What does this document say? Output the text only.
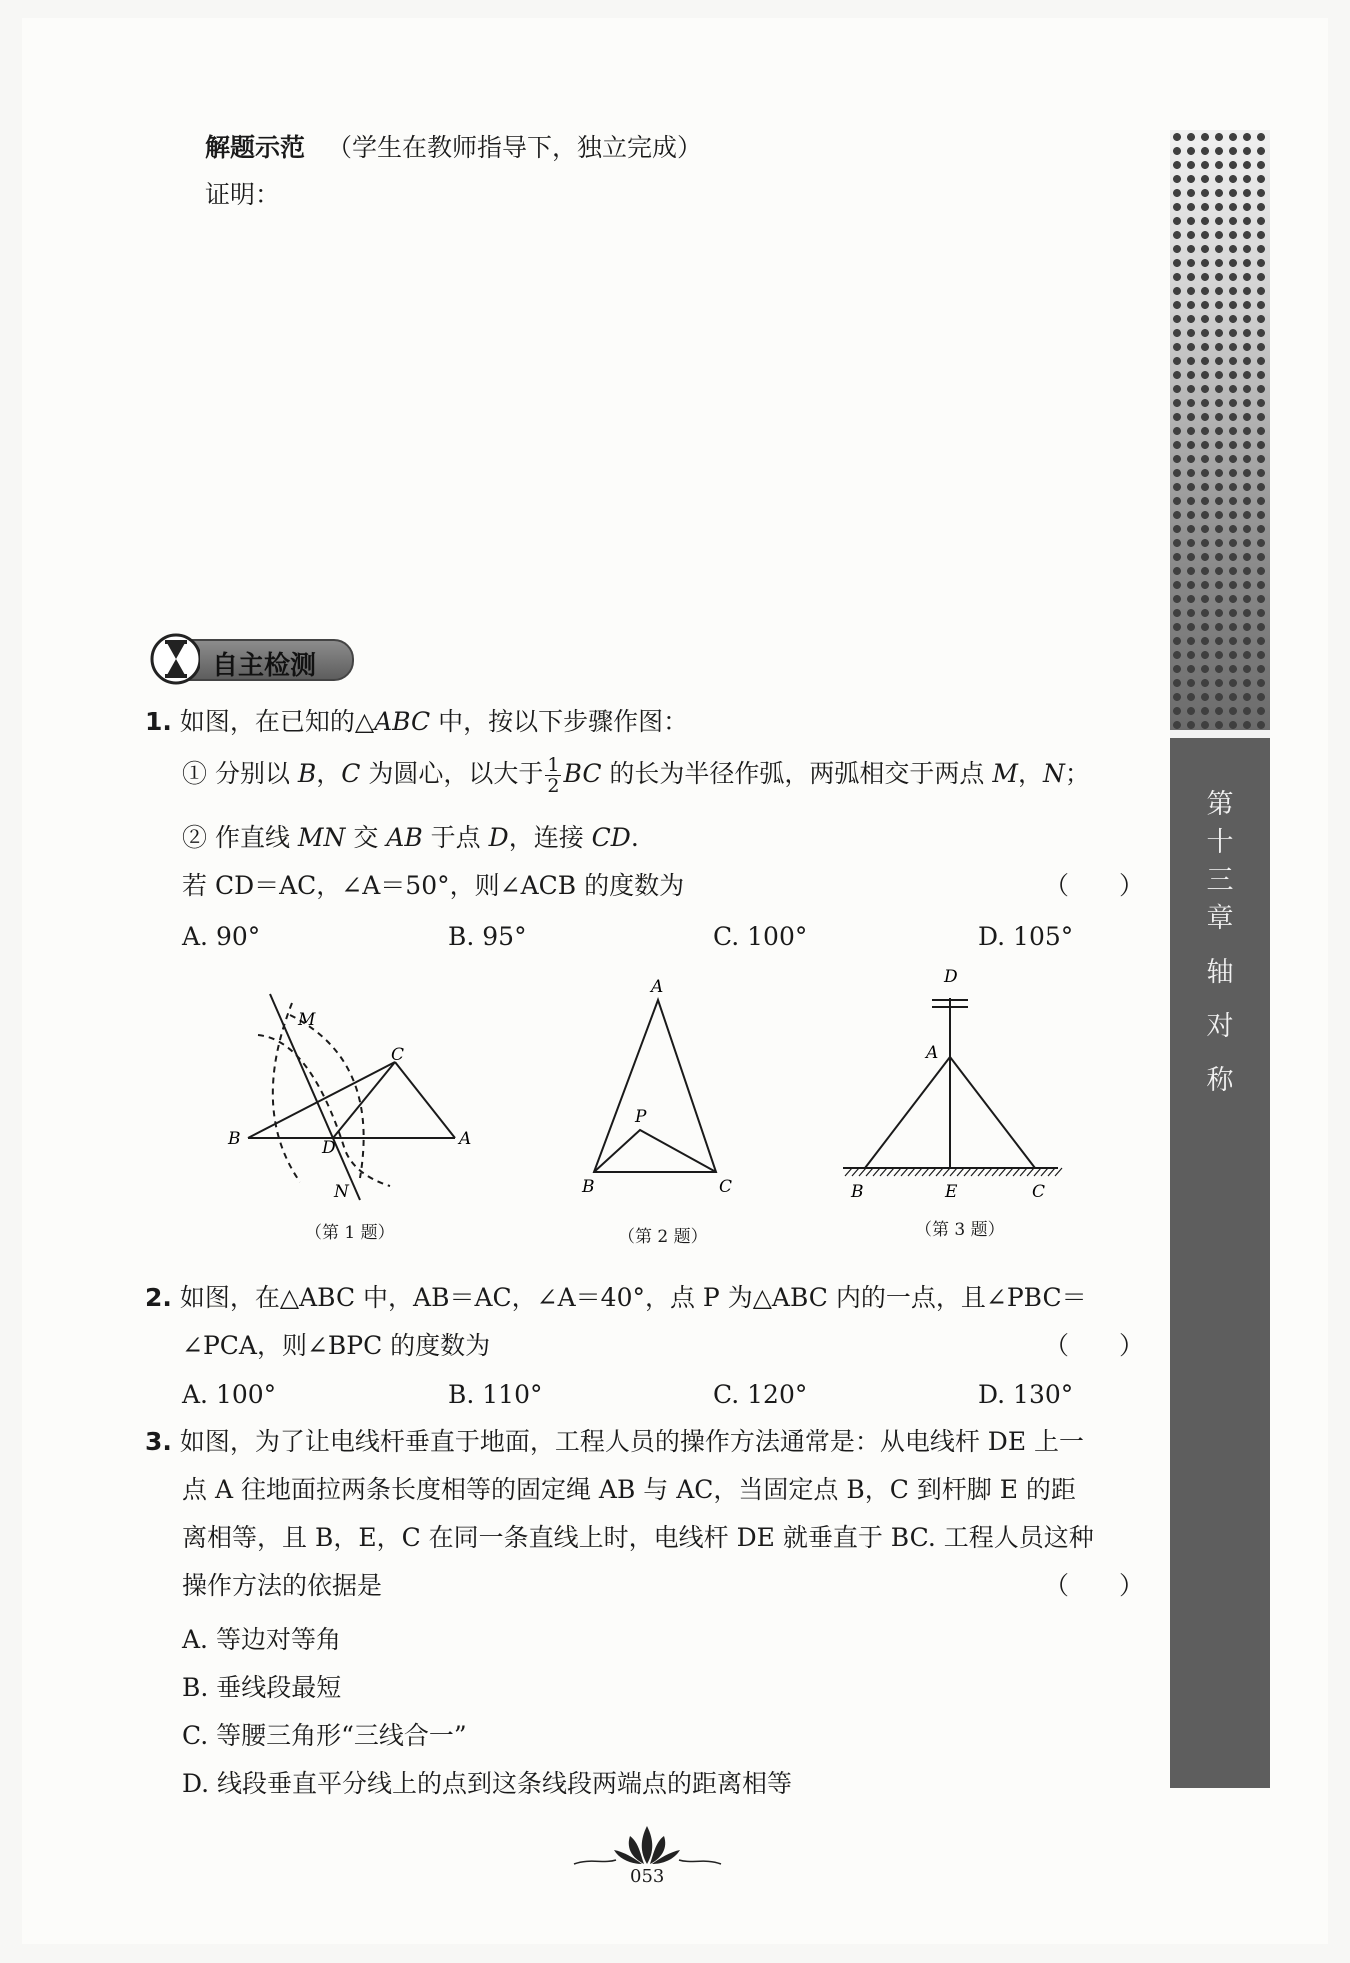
解题示范 （学生在教师指导下，独立完成）
证明：
自主检测
1. 如图，在已知的△ABC 中，按以下步骤作图：
① 分别以 B，C 为圆心，以大于 $\frac{1}{2}$ BC 的长为半径作弧，两弧相交于两点 M，N；
② 作直线 MN 交 AB 于点 D，连接 CD.
若 CD＝AC，∠A＝50°，则∠ACB 的度数为	（　　）
A. 90°	B. 95°	C. 100°	D. 105°
M
C
B	D	A
N
A
P
B	C
D
A
B	E	C
（第 1 题）	（第 2 题）	（第 3 题）
2. 如图，在△ABC 中，AB＝AC，∠A＝40°，点 P 为△ABC 内的一点，且∠PBC＝
∠PCA，则∠BPC 的度数为	（　　）
A. 100°	B. 110°	C. 120°	D. 130°
3. 如图，为了让电线杆垂直于地面，工程人员的操作方法通常是：从电线杆 DE 上一
点 A 往地面拉两条长度相等的固定绳 AB 与 AC，当固定点 B，C 到杆脚 E 的距
离相等，且 B，E，C 在同一条直线上时，电线杆 DE 就垂直于 BC. 工程人员这种
操作方法的依据是	（　　）
A. 等边对等角
B. 垂线段最短
C. 等腰三角形“三线合一”
D. 线段垂直平分线上的点到这条线段两端点的距离相等
第
十
三
章
轴
对
称
053
